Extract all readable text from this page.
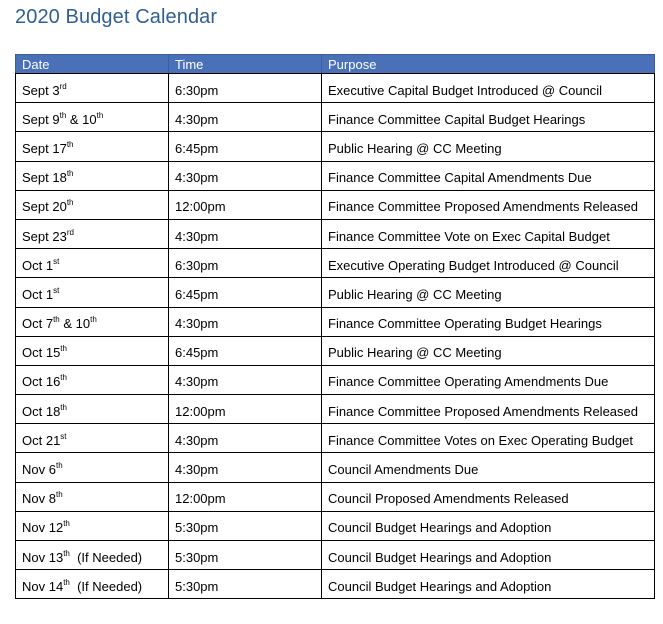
2020 Budget Calendar
Date	Time	Purpose
Sept 3rd	6:30pm	Executive Capital Budget Introduced @ Council
Sept 9th & 10th	4:30pm	Finance Committee Capital Budget Hearings
Sept 17th	6:45pm	Public Hearing @ CC Meeting
Sept 18th	4:30pm	Finance Committee Capital Amendments Due
Sept 20th	12:00pm	Finance Committee Proposed Amendments Released
Sept 23rd	4:30pm	Finance Committee Vote on Exec Capital Budget
Oct 1st	6:30pm	Executive Operating Budget Introduced @ Council
Oct 1st	6:45pm	Public Hearing @ CC Meeting
Oct 7th & 10th	4:30pm	Finance Committee Operating Budget Hearings
Oct 15th	6:45pm	Public Hearing @ CC Meeting
Oct 16th	4:30pm	Finance Committee Operating Amendments Due
Oct 18th	12:00pm	Finance Committee Proposed Amendments Released
Oct 21st	4:30pm	Finance Committee Votes on Exec Operating Budget
Nov 6th	4:30pm	Council Amendments Due
Nov 8th	12:00pm	Council Proposed Amendments Released
Nov 12th	5:30pm	Council Budget Hearings and Adoption
Nov 13th  (If Needed)	5:30pm	Council Budget Hearings and Adoption
Nov 14th  (If Needed)	5:30pm	Council Budget Hearings and Adoption
